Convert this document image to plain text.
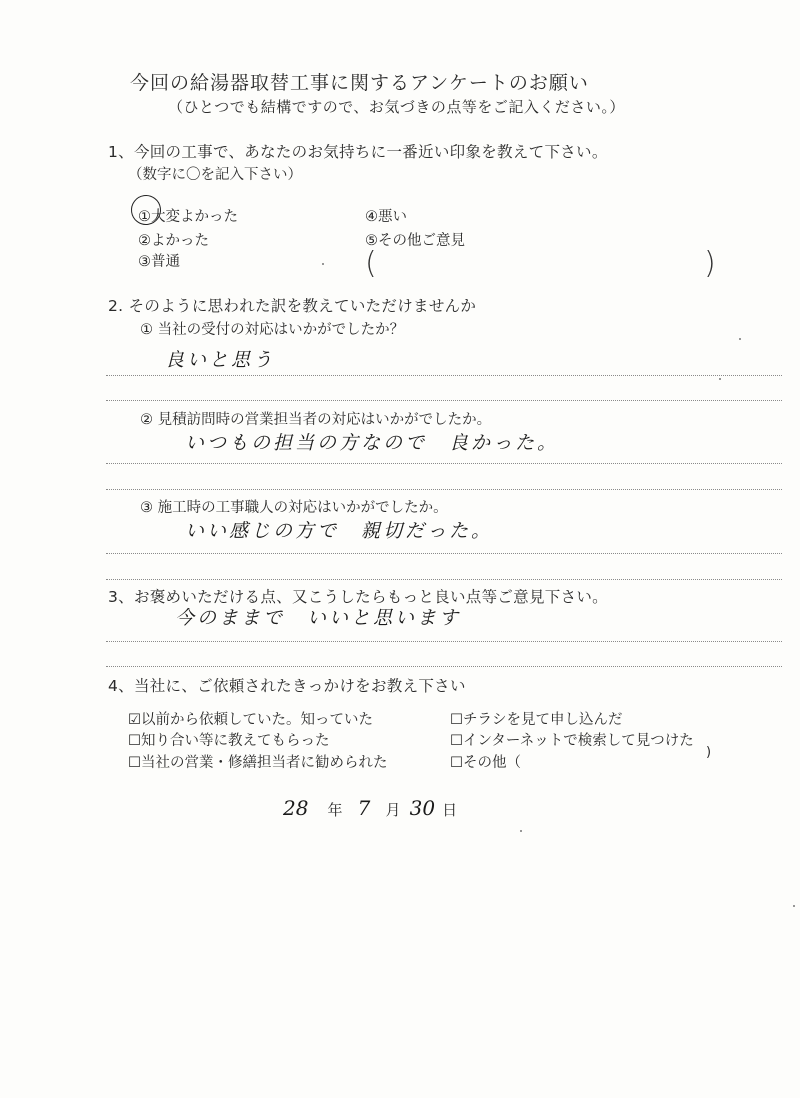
今回の給湯器取替工事に関するアンケートのお願い
（ひとつでも結構ですので、お気づきの点等をご記入ください。）
1、今回の工事で、あなたのお気持ちに一番近い印象を教えて下さい。
（数字に〇を記入下さい）
①大変よかった
②よかった
③普通
④悪い
⑤その他ご意見
(	)
2. そのように思われた訳を教えていただけませんか
① 当社の受付の対応はいかがでしたか？
良いと思う
② 見積訪問時の営業担当者の対応はいかがでしたか。
いつもの担当の方なので　良かった。
③ 施工時の工事職人の対応はいかがでしたか。
いい感じの方で　親切だった。
3、お褒めいただける点、又こうしたらもっと良い点等ご意見下さい。
今のままで　いいと思います
4、当社に、ご依頼されたきっかけをお教え下さい
☑以前から依頼していた。知っていた
☐知り合い等に教えてもらった
☐当社の営業・修繕担当者に勧められた
☐チラシを見て申し込んだ
☐インターネットで検索して見つけた
☐その他（
)
28 年 7 月 30 日
